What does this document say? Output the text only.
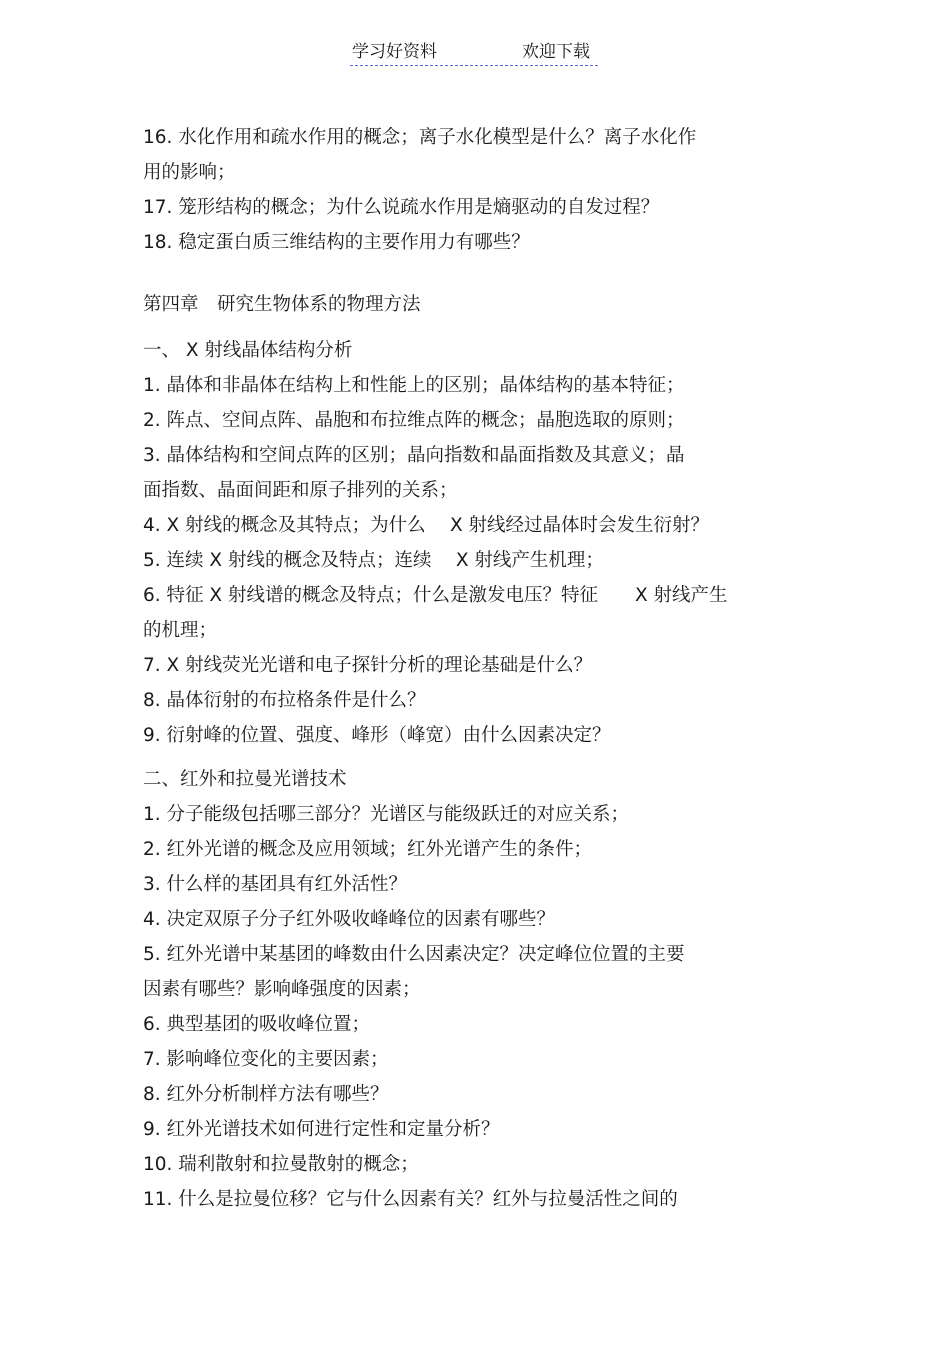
学习好资料	欢迎下载
16. 水化作用和疏水作用的概念；离子水化模型是什么？离子水化作
用的影响；
17. 笼形结构的概念；为什么说疏水作用是熵驱动的自发过程？
18. 稳定蛋白质三维结构的主要作用力有哪些？
第四章　研究生物体系的物理方法
一、 X 射线晶体结构分析
1. 晶体和非晶体在结构上和性能上的区别；晶体结构的基本特征；
2. 阵点、空间点阵、晶胞和布拉维点阵的概念；晶胞选取的原则；
3. 晶体结构和空间点阵的区别；晶向指数和晶面指数及其意义；晶
面指数、晶面间距和原子排列的关系；
4. X 射线的概念及其特点；为什么　 X 射线经过晶体时会发生衍射？
5. 连续 X 射线的概念及特点；连续　 X 射线产生机理；
6. 特征 X 射线谱的概念及特点；什么是激发电压？特征　　X 射线产生
的机理；
7. X 射线荧光光谱和电子探针分析的理论基础是什么？
8. 晶体衍射的布拉格条件是什么？
9. 衍射峰的位置、强度、峰形（峰宽）由什么因素决定？
二、红外和拉曼光谱技术
1. 分子能级包括哪三部分？光谱区与能级跃迁的对应关系；
2. 红外光谱的概念及应用领域；红外光谱产生的条件；
3. 什么样的基团具有红外活性？
4. 决定双原子分子红外吸收峰峰位的因素有哪些？
5. 红外光谱中某基团的峰数由什么因素决定？决定峰位位置的主要
因素有哪些？影响峰强度的因素；
6. 典型基团的吸收峰位置；
7. 影响峰位变化的主要因素；
8. 红外分析制样方法有哪些？
9. 红外光谱技术如何进行定性和定量分析？
10. 瑞利散射和拉曼散射的概念；
11. 什么是拉曼位移？它与什么因素有关？红外与拉曼活性之间的
